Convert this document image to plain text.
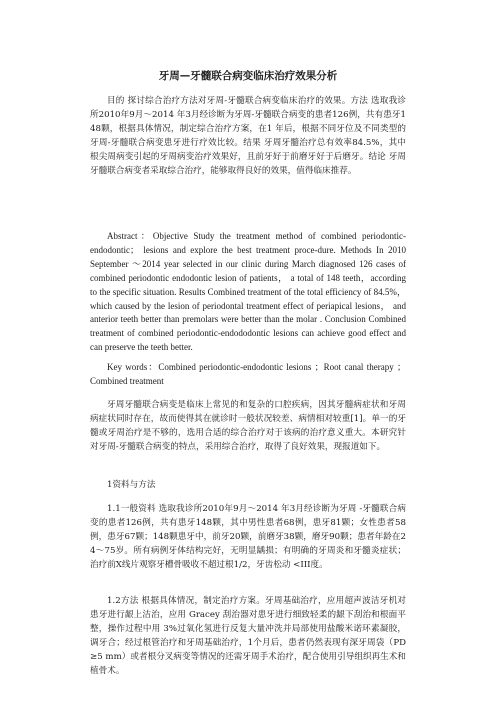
牙周—牙髓联合病变临床治疗效果分析

目的 探讨综合治疗方法对牙周-牙髓联合病变临床治疗的效果。方法 选取我诊所2010年9月～2014 年3月经诊断为牙周-牙髓联合病变的患者126例，共有患牙148颗，根据具体情况，制定综合治疗方案，在1 年后，根据不同牙位及不同类型的牙周-牙髓联合病变患牙进行疗效比较。结果 牙周牙髓治疗总有效率84.5%，其中根尖周病变引起的牙周病变治疗效果好，且前牙好于前磨牙好于后磨牙。结论 牙周牙髓联合病变者采取综合治疗，能够取得良好的效果，值得临床推荐。

Abstract：Objective Study the treatment method of combined periodontic-endodontic； lesions and explore the best treatment proce-dure. Methods In 2010 September ～2014 year selected in our clinic during March diagnosed 126 cases of combined periodontic endodontic lesion of patients， a total of 148 teeth，according to the specific situation. Results Combined treatment of the total efficiency of 84.5%， which caused by the lesion of periodontal treatment effect of periapical lesions， and anterior teeth better than premolars were better than the molar . Conclusion Combined treatment of combined periodontic-endododontic lesions can achieve good effect and can preserve the teeth better.

Key words：Combined periodontic-endodontic lesions ；Root canal therapy ；Combined treatment

牙周牙髓联合病变是临床上常见的和复杂的口腔疾病，因其牙髓病症状和牙周病症状同时存在，故而使得其在就诊时一般状况较差、病情相对较重[1]。单一的牙髓或牙周治疗是不够的，选用合适的综合治疗对于该病的治疗意义重大。本研究针对牙周-牙髓联合病变的特点，采用综合治疗，取得了良好效果，现报道如下。

1资料与方法

1.1一般资料 选取我诊所2010年9月～2014 年3月经诊断为牙周 -牙髓联合病变的患者126例，共有患牙148颗，其中男性患者68例，患牙81颗；女性患者58例，患牙67颗；148颗患牙中，前牙20颗，前磨牙38颗，磨牙90颗；患者年龄在24～75岁。所有病例牙体结构完好，无明显龋损；有明确的牙周炎和牙髓炎症状；治疗前X线片观察牙槽骨吸收不超过根1/2，牙齿松动 <III度。

1.2方法 根据具体情况，制定治疗方案。牙周基础治疗，应用超声波洁牙机对患牙进行龈上洁治，应用 Gracey 刮治器对患牙进行细致轻柔的龈下刮治和根面平整，操作过程中用 3%过氧化氢进行反复大量冲洗并局部使用盐酸米诺环素凝胶，调牙合；经过根管治疗和牙周基础治疗，1个月后，患者仍然表现有深牙周袋（PD≥5 mm）或者根分叉病变等情况的还需牙周手术治疗，配合使用引导组织再生术和植骨术。
